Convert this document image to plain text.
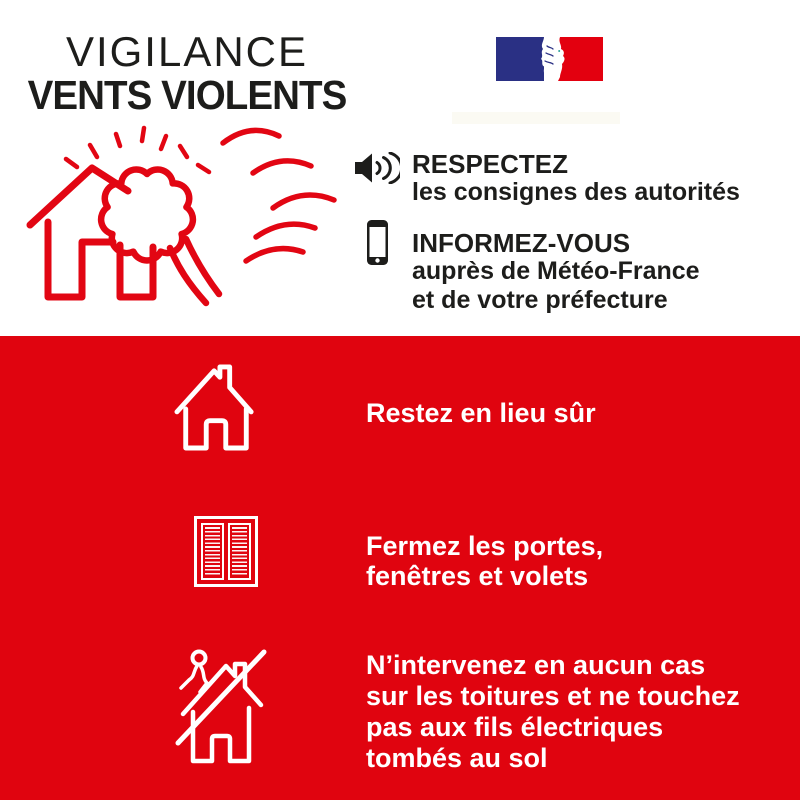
VIGILANCE
VENTS VIOLENTS
RESPECTEZ
les consignes des autorités
INFORMEZ-VOUS
auprès de Météo-France
et de votre préfecture
Restez en lieu sûr
Fermez les portes,
fenêtres et volets
N’intervenez en aucun cas
sur les toitures et ne touchez
pas aux fils électriques
tombés au sol
